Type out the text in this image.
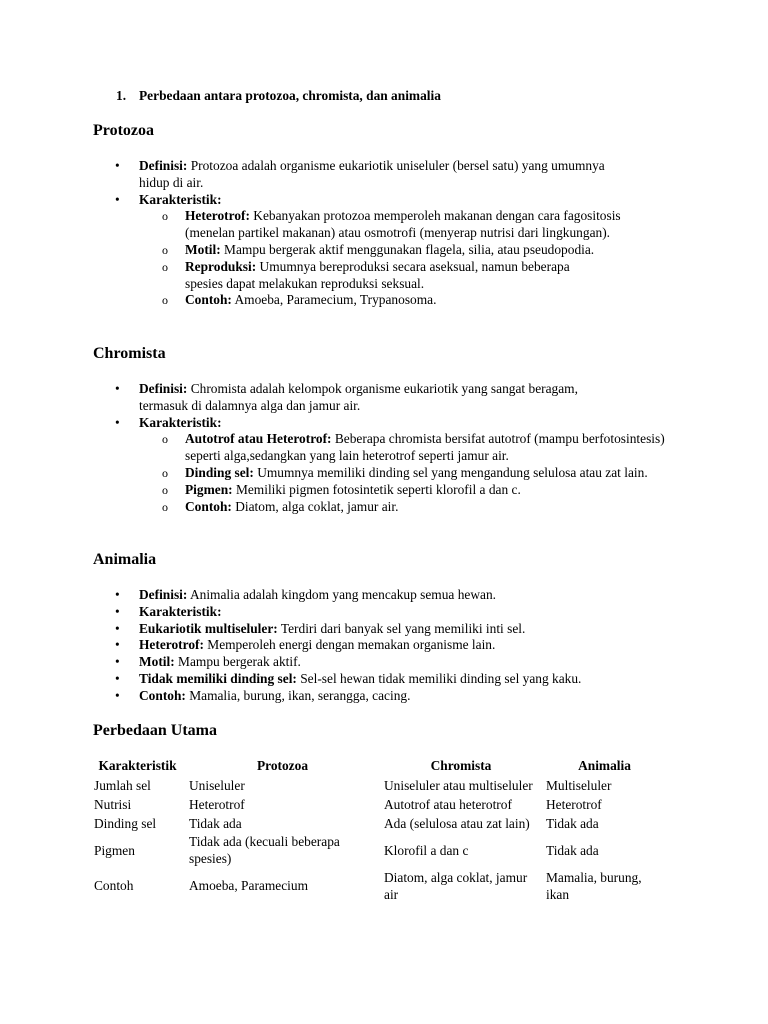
1. Perbedaan antara protozoa, chromista, dan animalia
Protozoa
• Definisi: Protozoa adalah organisme eukariotik uniseluler (bersel satu) yang umumnya hidup di air.
• Karakteristik:
o Heterotrof: Kebanyakan protozoa memperoleh makanan dengan cara fagositosis (menelan partikel makanan) atau osmotrofi (menyerap nutrisi dari lingkungan).
o Motil: Mampu bergerak aktif menggunakan flagela, silia, atau pseudopodia.
o Reproduksi: Umumnya bereproduksi secara aseksual, namun beberapa spesies dapat melakukan reproduksi seksual.
o Contoh: Amoeba, Paramecium, Trypanosoma.
Chromista
• Definisi: Chromista adalah kelompok organisme eukariotik yang sangat beragam, termasuk di dalamnya alga dan jamur air.
• Karakteristik:
o Autotrof atau Heterotrof: Beberapa chromista bersifat autotrof (mampu berfotosintesis) seperti alga,sedangkan yang lain heterotrof seperti jamur air.
o Dinding sel: Umumnya memiliki dinding sel yang mengandung selulosa atau zat lain.
o Pigmen: Memiliki pigmen fotosintetik seperti klorofil a dan c.
o Contoh: Diatom, alga coklat, jamur air.
Animalia
• Definisi: Animalia adalah kingdom yang mencakup semua hewan.
• Karakteristik:
• Eukariotik multiseluler: Terdiri dari banyak sel yang memiliki inti sel.
• Heterotrof: Memperoleh energi dengan memakan organisme lain.
• Motil: Mampu bergerak aktif.
• Tidak memiliki dinding sel: Sel-sel hewan tidak memiliki dinding sel yang kaku.
• Contoh: Mamalia, burung, ikan, serangga, cacing.
Perbedaan Utama
Karakteristik	Protozoa	Chromista	Animalia
Jumlah sel	Uniseluler	Uniseluler atau multiseluler	Multiseluler
Nutrisi	Heterotrof	Autotrof atau heterotrof	Heterotrof
Dinding sel	Tidak ada	Ada (selulosa atau zat lain)	Tidak ada
Pigmen	Tidak ada (kecuali beberapa spesies)	Klorofil a dan c	Tidak ada
Contoh	Amoeba, Paramecium	Diatom, alga coklat, jamur air	Mamalia, burung, ikan
